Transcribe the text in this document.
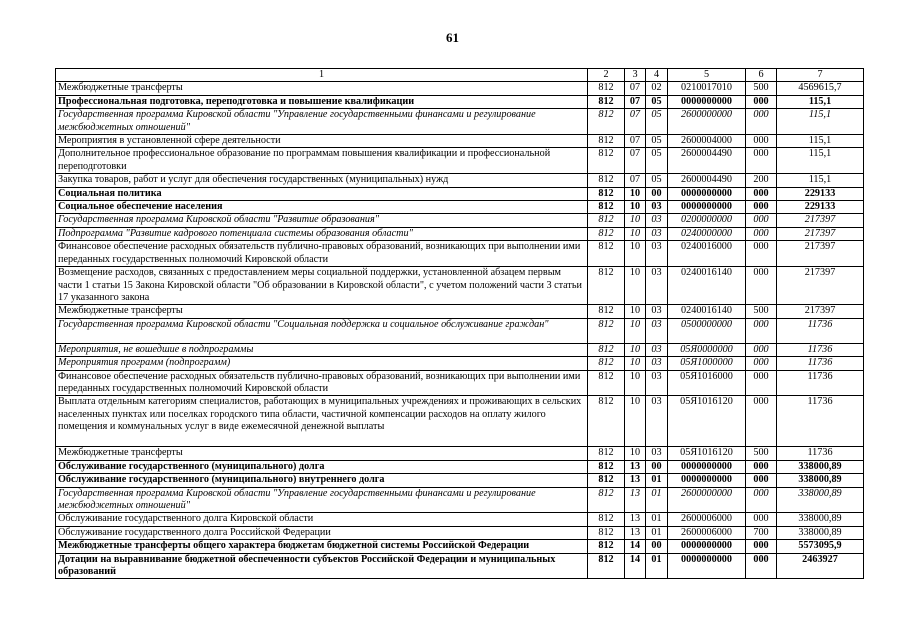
61
1	2	3	4	5	6	7
Межбюджетные трансферты	812	07	02	0210017010	500	4569615,7
Профессиональная подготовка, переподготовка и повышение квалификации	812	07	05	0000000000	000	115,1
Государственная программа Кировской области "Управление государственными финансами и регулирование межбюджетных отношений"	812	07	05	2600000000	000	115,1
Мероприятия в установленной сфере деятельности	812	07	05	2600004000	000	115,1
Дополнительное профессиональное образование по программам повышения квалификации и профессиональной переподготовки	812	07	05	2600004490	000	115,1
Закупка товаров, работ и услуг для обеспечения государственных (муниципальных) нужд	812	07	05	2600004490	200	115,1
Социальная политика	812	10	00	0000000000	000	229133
Социальное обеспечение населения	812	10	03	0000000000	000	229133
Государственная программа Кировской области "Развитие образования"	812	10	03	0200000000	000	217397
Подпрограмма "Развитие кадрового потенциала системы образования области"	812	10	03	0240000000	000	217397
Финансовое обеспечение расходных обязательств публично-правовых образований, возникающих при выполнении ими переданных государственных полномочий Кировской области	812	10	03	0240016000	000	217397
Возмещение расходов, связанных с предоставлением меры социальной поддержки, установленной абзацем первым части 1 статьи 15 Закона Кировской области "Об образовании в Кировской области", с учетом положений части 3 статьи 17 указанного закона	812	10	03	0240016140	000	217397
Межбюджетные трансферты	812	10	03	0240016140	500	217397
Государственная программа Кировской области "Социальная поддержка и социальное обслуживание граждан"	812	10	03	0500000000	000	11736
Мероприятия, не вошедшие в подпрограммы	812	10	03	05Я0000000	000	11736
Мероприятия программ (подпрограмм)	812	10	03	05Я1000000	000	11736
Финансовое обеспечение расходных обязательств публично-правовых образований, возникающих при выполнении ими переданных государственных полномочий Кировской области	812	10	03	05Я1016000	000	11736
Выплата отдельным категориям специалистов, работающих в муниципальных учреждениях и проживающих в сельских населенных пунктах или поселках городского типа области, частичной компенсации расходов на оплату жилого помещения и коммунальных услуг в виде ежемесячной денежной выплаты	812	10	03	05Я1016120	000	11736
Межбюджетные трансферты	812	10	03	05Я1016120	500	11736
Обслуживание государственного (муниципального) долга	812	13	00	0000000000	000	338000,89
Обслуживание государственного (муниципального) внутреннего долга	812	13	01	0000000000	000	338000,89
Государственная программа Кировской области "Управление государственными финансами и регулирование межбюджетных отношений"	812	13	01	2600000000	000	338000,89
Обслуживание государственного долга Кировской области	812	13	01	2600006000	000	338000,89
Обслуживание государственного долга Российской Федерации	812	13	01	2600006000	700	338000,89
Межбюджетные трансферты общего характера бюджетам бюджетной системы Российской Федерации	812	14	00	0000000000	000	5573095,9
Дотации на выравнивание бюджетной обеспеченности субъектов Российской Федерации и муниципальных образований	812	14	01	0000000000	000	2463927
